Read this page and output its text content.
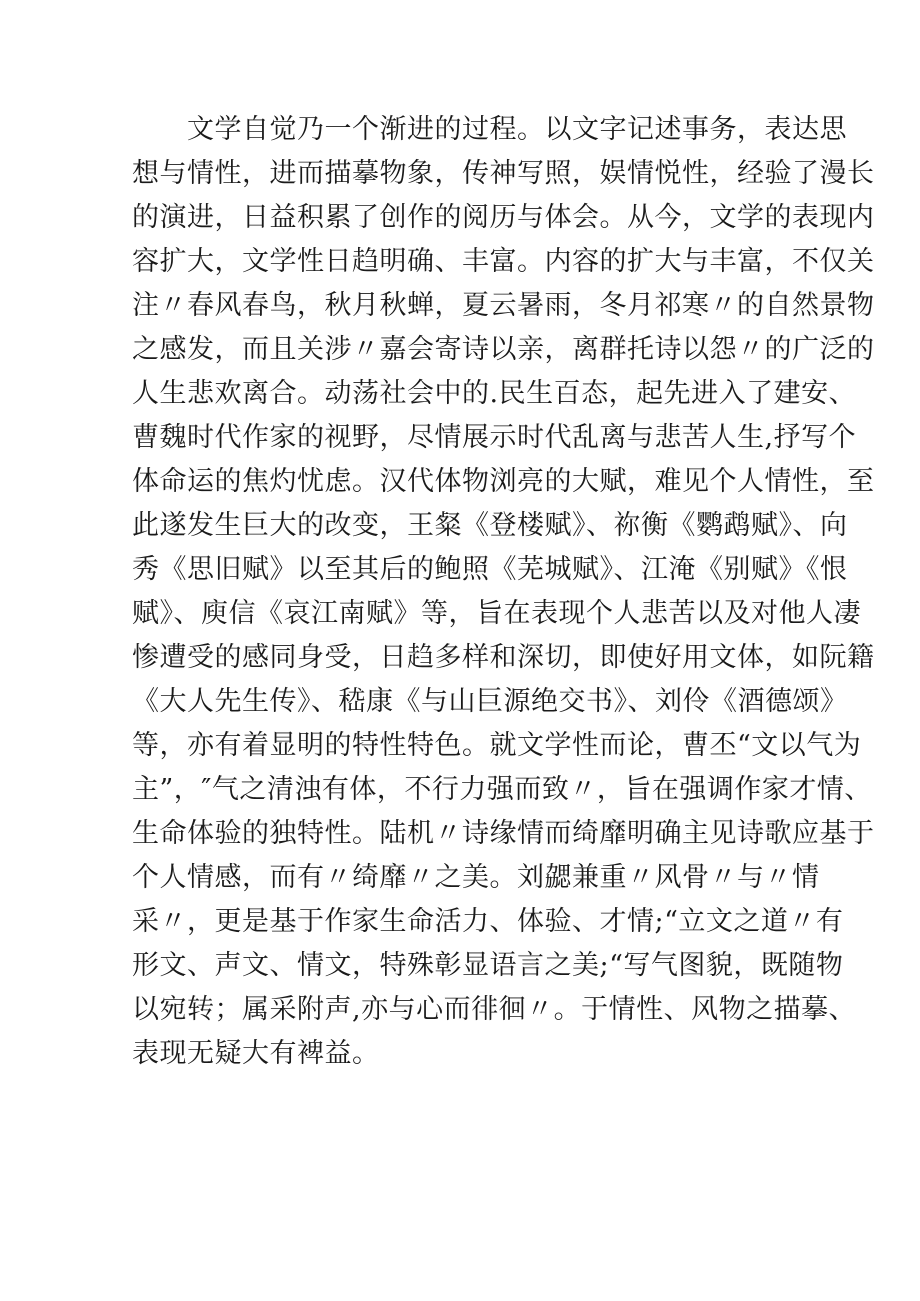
　　文学自觉乃一个渐进的过程。以文字记述事务，表达思
想与情性，进而描摹物象，传神写照，娱情悦性，经验了漫长
的演进，日益积累了创作的阅历与体会。从今，文学的表现内
容扩大，文学性日趋明确、丰富。内容的扩大与丰富，不仅关
注〃春风春鸟，秋月秋蝉，夏云暑雨，冬月祁寒〃的自然景物
之感发，而且关涉〃嘉会寄诗以亲，离群托诗以怨〃的广泛的
人生悲欢离合。动荡社会中的.民生百态，起先进入了建安、
曹魏时代作家的视野，尽情展示时代乱离与悲苦人生,抒写个
体命运的焦灼忧虑。汉代体物浏亮的大赋，难见个人情性，至
此遂发生巨大的改变，王粲《登楼赋》、祢衡《鹦鹉赋》、向
秀《思旧赋》以至其后的鲍照《芜城赋》、江淹《别赋》《恨
赋》、庾信《哀江南赋》等，旨在表现个人悲苦以及对他人凄
惨遭受的感同身受，日趋多样和深切，即使好用文体，如阮籍
《大人先生传》、嵇康《与山巨源绝交书》、刘伶《酒德颂》
等，亦有着显明的特性特色。就文学性而论，曹丕“文以气为
主”，″气之清浊有体，不行力强而致〃，旨在强调作家才情、
生命体验的独特性。陆机〃诗缘情而绮靡明确主见诗歌应基于
个人情感，而有〃绮靡〃之美。刘勰兼重〃风骨〃与〃情
采〃，更是基于作家生命活力、体验、才情;“立文之道〃有
形文、声文、情文，特殊彰显语言之美;“写气图貌，既随物
以宛转；属采附声,亦与心而徘徊〃。于情性、风物之描摹、
表现无疑大有裨益。
